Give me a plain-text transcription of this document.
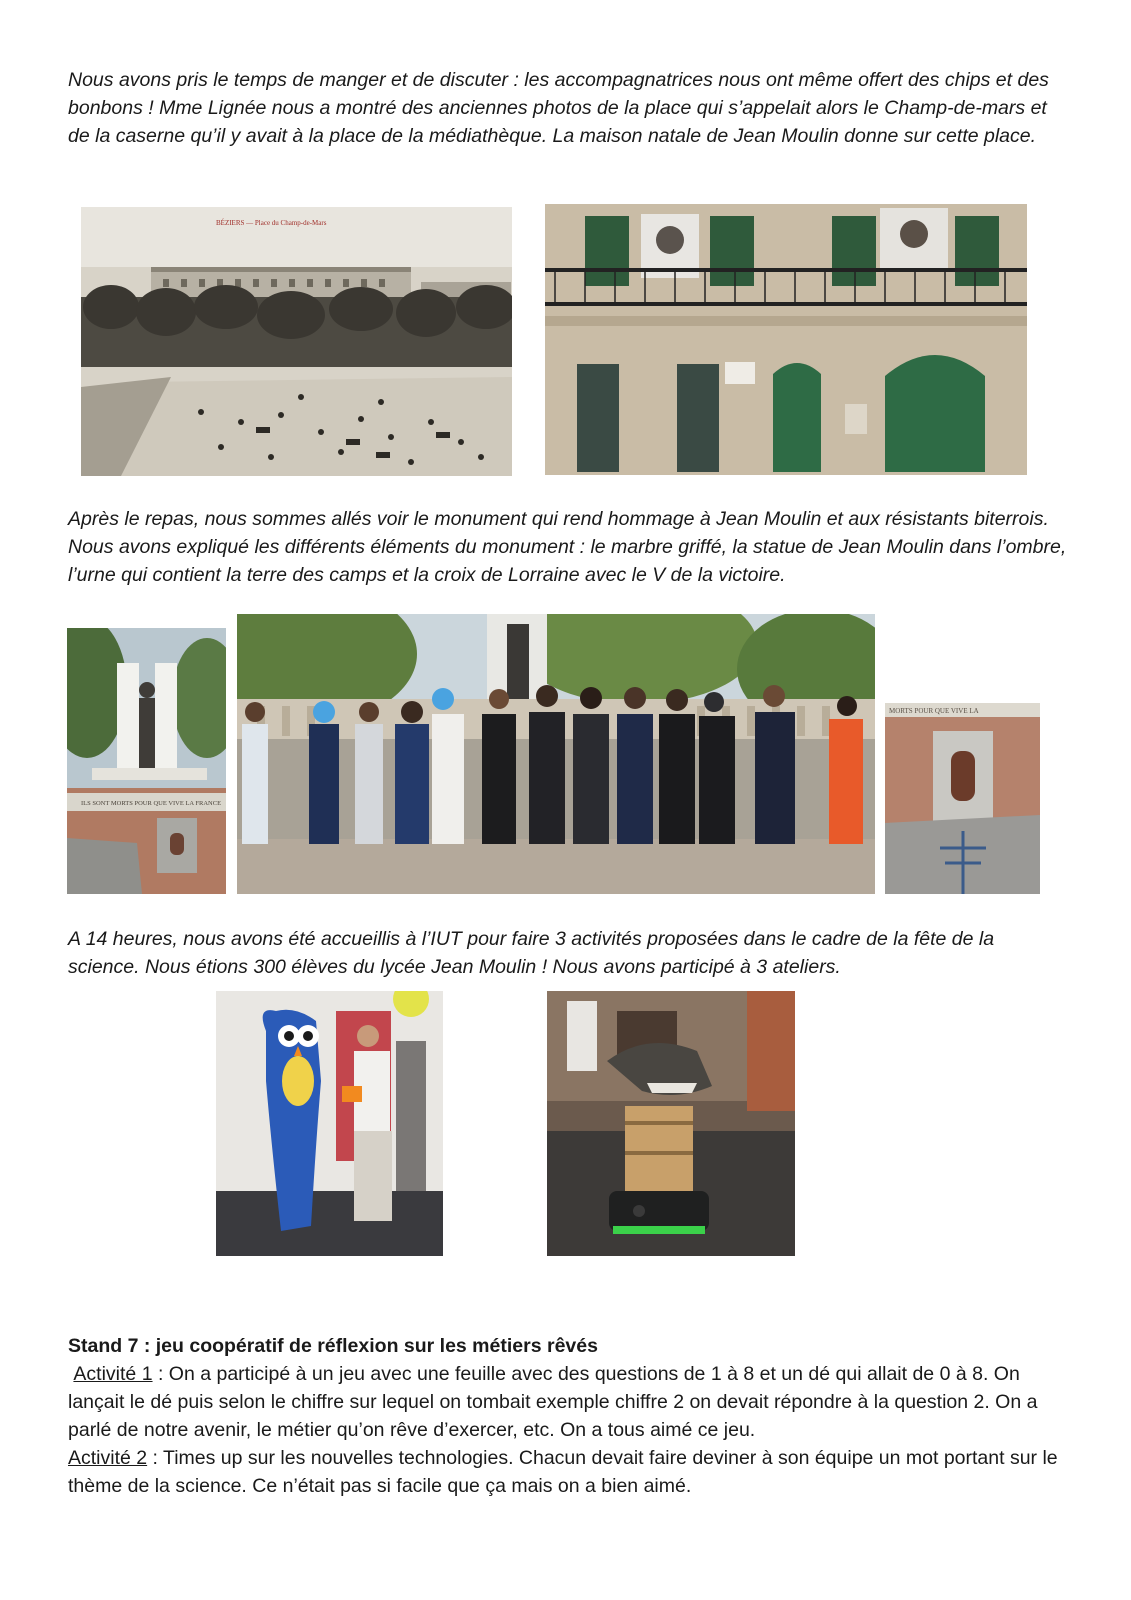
Nous avons pris le temps de manger et de discuter : les accompagnatrices nous ont même offert des chips et des bonbons ! Mme Lignée nous a montré des anciennes photos de la place qui s’appelait alors le Champ-de-mars et de la caserne qu’il y avait à la place de la médiathèque. La maison natale de Jean Moulin donne sur cette place.

BÉZIERS — Place du Champ-de-Mars

Après le repas, nous sommes allés voir le monument qui rend hommage à Jean Moulin et aux résistants biterrois. Nous avons expliqué les différents éléments du monument : le marbre griffé, la statue de Jean Moulin dans l’ombre, l’urne qui contient la terre des camps et la croix de Lorraine avec le V de la victoire.

ILS SONT MORTS POUR QUE VIVE LA FRANCE
MORTS POUR QUE VIVE LA

A 14 heures, nous avons été accueillis à l’IUT pour faire 3 activités proposées dans le cadre de la fête de la science. Nous étions 300 élèves du lycée Jean Moulin ! Nous avons participé à 3 ateliers.

Stand 7 : jeu coopératif de réflexion sur les métiers rêvés

Activité 1 : On a participé à un jeu avec une feuille avec des questions de 1 à 8 et un dé qui allait de 0 à 8. On lançait le dé puis selon le chiffre sur lequel on tombait exemple chiffre 2 on devait répondre à la question 2. On a parlé de notre avenir, le métier qu’on rêve d’exercer, etc. On a tous aimé ce jeu.

Activité 2 : Times up sur les nouvelles technologies. Chacun devait faire deviner à son équipe un mot portant sur le thème de la science. Ce n’était pas si facile que ça mais on a bien aimé.
